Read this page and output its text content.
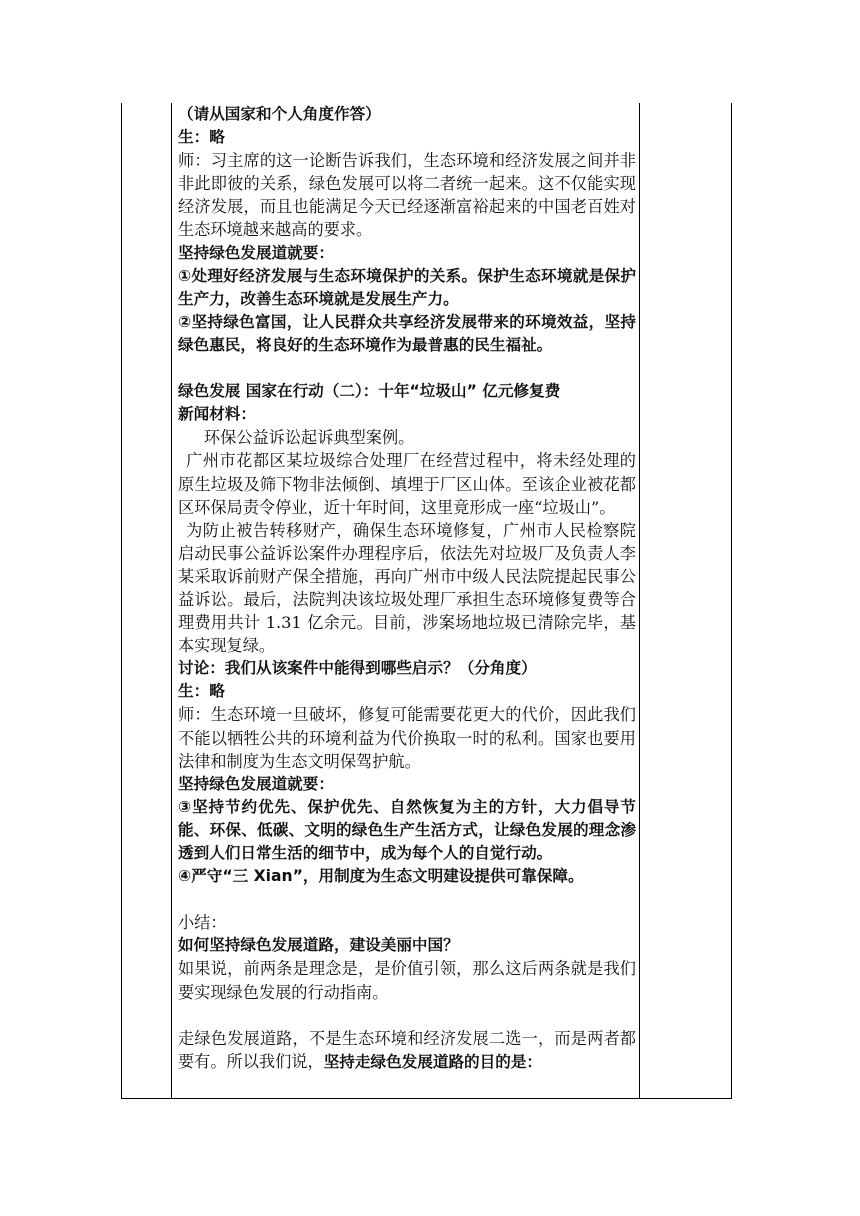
（请从国家和个人角度作答）

生：略

师：习主席的这一论断告诉我们，生态环境和经济发展之间并非非此即彼的关系，绿色发展可以将二者统一起来。这不仅能实现经济发展，而且也能满足今天已经逐渐富裕起来的中国老百姓对生态环境越来越高的要求。

坚持绿色发展道就要：

①处理好经济发展与生态环境保护的关系。保护生态环境就是保护生产力，改善生态环境就是发展生产力。

②坚持绿色富国，让人民群众共享经济发展带来的环境效益，坚持绿色惠民，将良好的生态环境作为最普惠的民生福祉。

绿色发展 国家在行动（二）：十年“垃圾山” 亿元修复费

新闻材料：

环保公益诉讼起诉典型案例。

广州市花都区某垃圾综合处理厂在经营过程中，将未经处理的原生垃圾及筛下物非法倾倒、填埋于厂区山体。至该企业被花都区环保局责令停业，近十年时间，这里竟形成一座“垃圾山”。

为防止被告转移财产，确保生态环境修复，广州市人民检察院启动民事公益诉讼案件办理程序后，依法先对垃圾厂及负责人李某采取诉前财产保全措施，再向广州市中级人民法院提起民事公益诉讼。最后，法院判决该垃圾处理厂承担生态环境修复费等合理费用共计 1.31 亿余元。目前，涉案场地垃圾已清除完毕，基本实现复绿。

讨论：我们从该案件中能得到哪些启示？（分角度）

生：略

师：生态环境一旦破坏，修复可能需要花更大的代价，因此我们不能以牺牲公共的环境利益为代价换取一时的私利。国家也要用法律和制度为生态文明保驾护航。

坚持绿色发展道就要：

③坚持节约优先、保护优先、自然恢复为主的方针，大力倡导节能、环保、低碳、文明的绿色生产生活方式，让绿色发展的理念渗透到人们日常生活的细节中，成为每个人的自觉行动。

④严守“三 Xian”，用制度为生态文明建设提供可靠保障。

小结：

如何坚持绿色发展道路，建设美丽中国？

如果说，前两条是理念是，是价值引领，那么这后两条就是我们要实现绿色发展的行动指南。

走绿色发展道路，不是生态环境和经济发展二选一，而是两者都要有。所以我们说，坚持走绿色发展道路的目的是：
